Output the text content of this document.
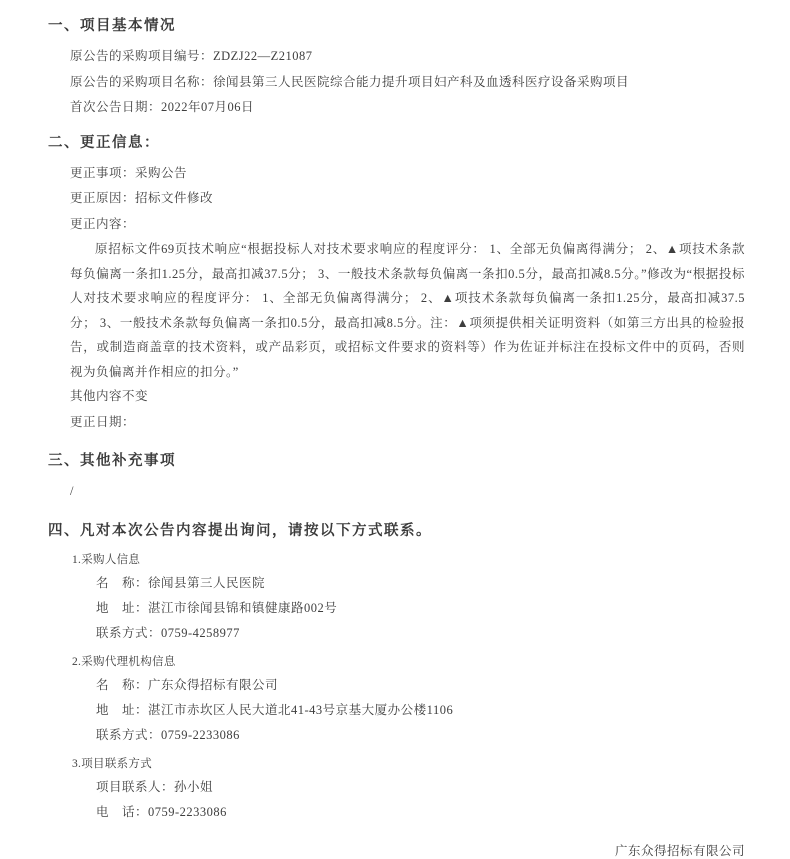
一、项目基本情况

原公告的采购项目编号：ZDZJ22—Z21087

原公告的采购项目名称：徐闻县第三人民医院综合能力提升项目妇产科及血透科医疗设备采购项目

首次公告日期：2022年07月06日

二、更正信息：

更正事项：采购公告

更正原因：招标文件修改

更正内容：

原招标文件69页技术响应“根据投标人对技术要求响应的程度评分： 1、全部无负偏离得满分； 2、▲项技术条款每负偏离一条扣1.25分，最高扣减37.5分； 3、一般技术条款每负偏离一条扣0.5分，最高扣减8.5分。”修改为“根据投标人对技术要求响应的程度评分： 1、全部无负偏离得满分； 2、▲项技术条款每负偏离一条扣1.25分，最高扣减37.5分； 3、一般技术条款每负偏离一条扣0.5分，最高扣减8.5分。注：▲项须提供相关证明资料（如第三方出具的检验报告，或制造商盖章的技术资料，或产品彩页，或招标文件要求的资料等）作为佐证并标注在投标文件中的页码，否则视为负偏离并作相应的扣分。”

其他内容不变

更正日期：

三、其他补充事项

/

四、凡对本次公告内容提出询问，请按以下方式联系。

1.采购人信息

名　称：徐闻县第三人民医院

地　址：湛江市徐闻县锦和镇健康路002号

联系方式：0759-4258977

2.采购代理机构信息

名　称：广东众得招标有限公司

地　址：湛江市赤坎区人民大道北41-43号京基大厦办公楼1106

联系方式：0759-2233086

3.项目联系方式

项目联系人：孙小姐

电　话：0759-2233086

广东众得招标有限公司
